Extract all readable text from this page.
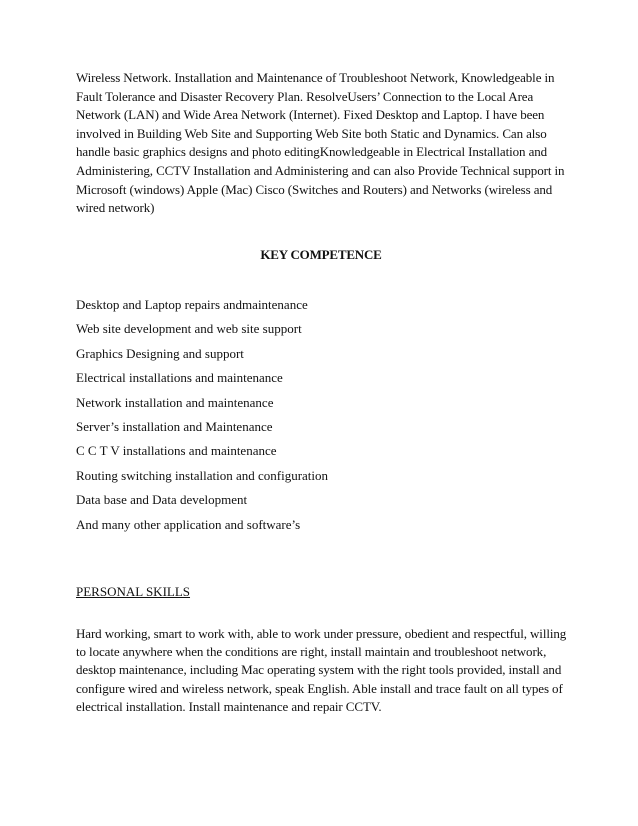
Wireless Network. Installation and Maintenance of Troubleshoot Network, Knowledgeable in
Fault Tolerance and Disaster Recovery Plan. ResolveUsers’ Connection to the Local Area
Network (LAN) and Wide Area Network (Internet). Fixed Desktop and Laptop. I have been
involved in Building Web Site and Supporting Web Site both Static and Dynamics. Can also
handle basic graphics designs and photo editingKnowledgeable in Electrical Installation and
Administering, CCTV Installation and Administering and can also Provide Technical support in
Microsoft (windows) Apple (Mac) Cisco (Switches and Routers) and Networks (wireless and
wired network)

KEY COMPETENCE
Desktop and Laptop repairs andmaintenance
Web site development and web site support
Graphics Designing and support
Electrical installations and maintenance
Network installation and maintenance
Server’s installation and Maintenance
C C T V installations and maintenance
Routing switching installation and configuration
Data base and Data development
And many other application and software’s
PERSONAL SKILLS

Hard working, smart to work with, able to work under pressure, obedient and respectful, willing
to locate anywhere when the conditions are right, install maintain and troubleshoot network,
desktop maintenance, including Mac operating system with the right tools provided, install and
configure wired and wireless network, speak English. Able install and trace fault on all types of
electrical installation. Install maintenance and repair CCTV.
